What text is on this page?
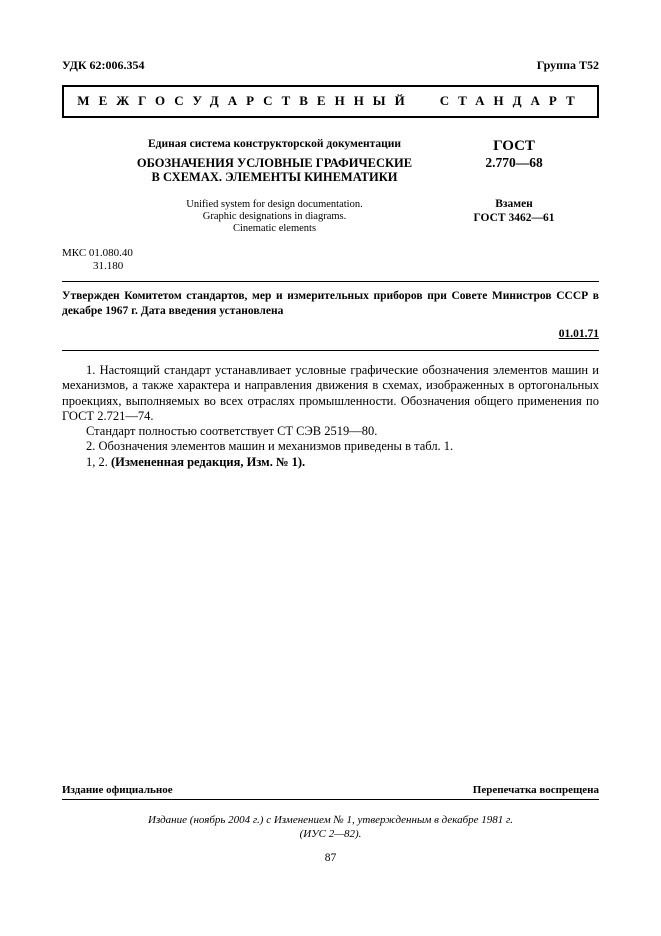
УДК 62:006.354	Группа Т52
МЕЖГОСУДАРСТВЕННЫЙ СТАНДАРТ
Единая система конструкторской документации
ОБОЗНАЧЕНИЯ УСЛОВНЫЕ ГРАФИЧЕСКИЕ
В СХЕМАХ. ЭЛЕМЕНТЫ КИНЕМАТИКИ
Unified system for design documentation.
Graphic designations in diagrams.
Cinematic elements
ГОСТ
2.770—68
Взамен
ГОСТ 3462—61
МКС 01.080.40
31.180
Утвержден Комитетом стандартов, мер и измерительных приборов при Совете Министров СССР в декабре 1967 г. Дата введения установлена
01.01.71

1. Настоящий стандарт устанавливает условные графические обозначения элементов машин и механизмов, а также характера и направления движения в схемах, изображенных в ортогональных проекциях, выполняемых во всех отраслях промышленности. Обозначения общего применения по ГОСТ 2.721—74.

Стандарт полностью соответствует СТ СЭВ 2519—80.

2. Обозначения элементов машин и механизмов приведены в табл. 1.

1, 2. (Измененная редакция, Изм. № 1).

Издание официальное	Перепечатка воспрещена
Издание (ноябрь 2004 г.) с Изменением № 1, утвержденным в декабре 1981 г.
(ИУС 2—82).
87
